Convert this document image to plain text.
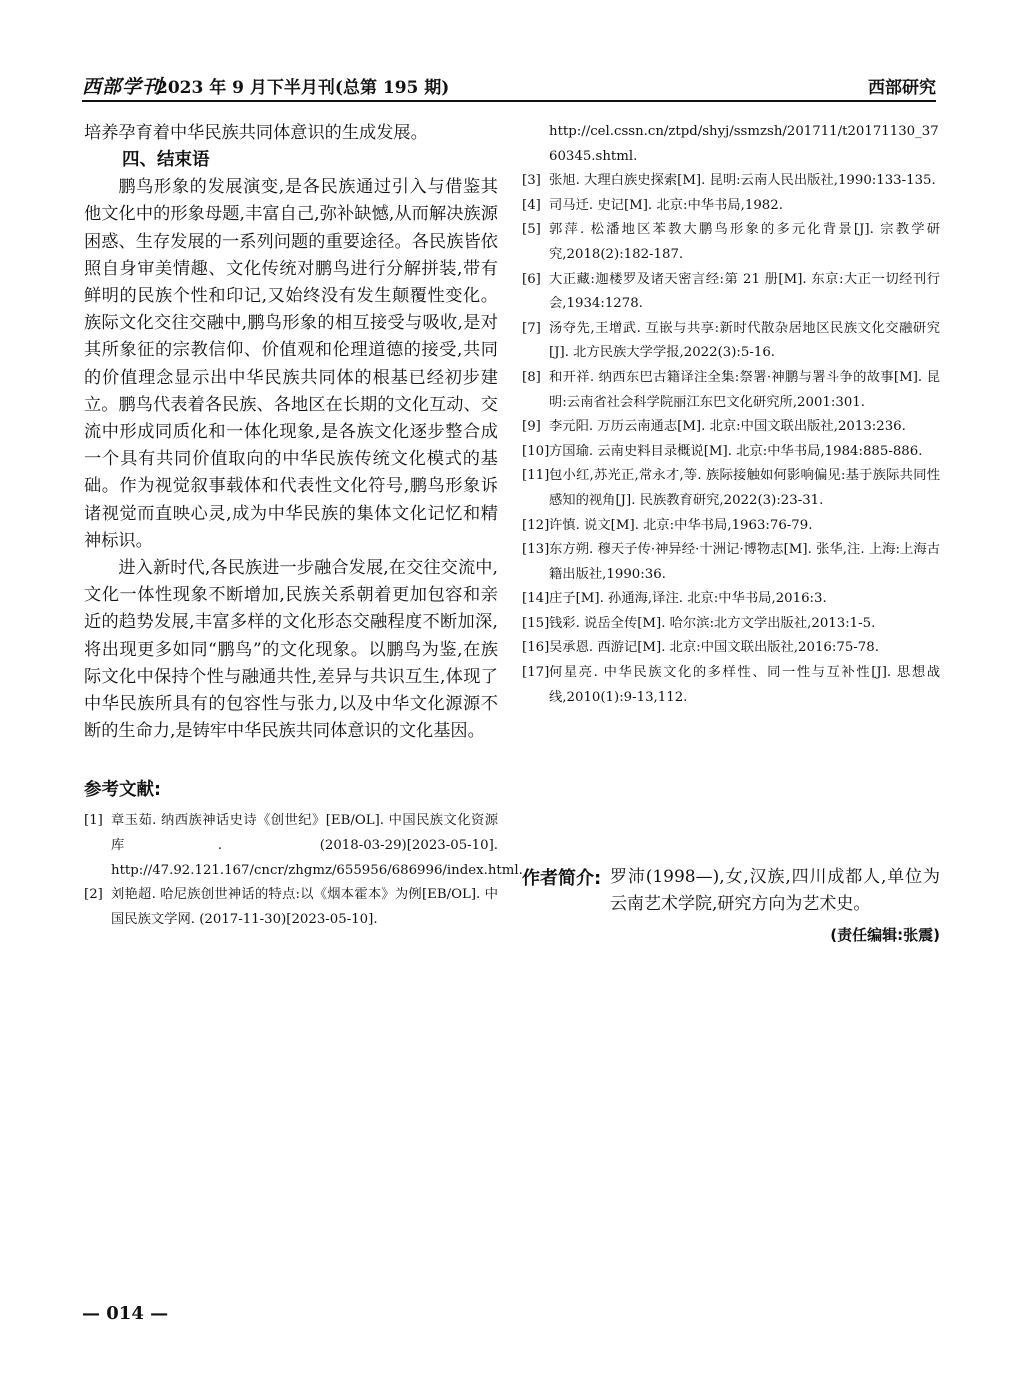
西部学刊
2023 年 9 月下半月刊(总第 195 期)	西部研究

培养孕育着中华民族共同体意识的生成发展。

四、结束语

鹏鸟形象的发展演变,是各民族通过引入与借鉴其他文化中的形象母题,丰富自己,弥补缺憾,从而解决族源困惑、生存发展的一系列问题的重要途径。各民族皆依照自身审美情趣、文化传统对鹏鸟进行分解拼装,带有鲜明的民族个性和印记,又始终没有发生颠覆性变化。族际文化交往交融中,鹏鸟形象的相互接受与吸收,是对其所象征的宗教信仰、价值观和伦理道德的接受,共同的价值理念显示出中华民族共同体的根基已经初步建立。鹏鸟代表着各民族、各地区在长期的文化互动、交流中形成同质化和一体化现象,是各族文化逐步整合成一个具有共同价值取向的中华民族传统文化模式的基础。作为视觉叙事载体和代表性文化符号,鹏鸟形象诉诸视觉而直映心灵,成为中华民族的集体文化记忆和精神标识。

进入新时代,各民族进一步融合发展,在交往交流中,文化一体性现象不断增加,民族关系朝着更加包容和亲近的趋势发展,丰富多样的文化形态交融程度不断加深,将出现更多如同“鹏鸟”的文化现象。以鹏鸟为鉴,在族际文化中保持个性与融通共性,差异与共识互生,体现了中华民族所具有的包容性与张力,以及中华文化源源不断的生命力,是铸牢中华民族共同体意识的文化基因。

参考文献:
[1] 章玉茹. 纳西族神话史诗《创世纪》[EB/OL]. 中国民族文化资源库. (2018-03-29)[2023-05-10]. http://47.92.121.167/cncr/zhgmz/655956/686996/index.html.
[2] 刘艳超. 哈尼族创世神话的特点:以《烟本霍本》为例[EB/OL]. 中国民族文学网. (2017-11-30)[2023-05-10].

http://cel.cssn.cn/ztpd/shyj/ssmzsh/201711/t20171130_3760345.shtml.

[3] 张旭. 大理白族史探索[M]. 昆明:云南人民出版社,1990:133-135.
[4] 司马迁. 史记[M]. 北京:中华书局,1982.
[5] 郭萍. 松潘地区苯教大鹏鸟形象的多元化背景[J]. 宗教学研究,2018(2):182-187.
[6] 大正藏:迦楼罗及诸天密言经:第 21 册[M]. 东京:大正一切经刊行会,1934:1278.
[7] 汤夺先,王增武. 互嵌与共享:新时代散杂居地区民族文化交融研究[J]. 北方民族大学学报,2022(3):5-16.
[8] 和开祥. 纳西东巴古籍译注全集:祭署·神鹏与署斗争的故事[M]. 昆明:云南省社会科学院丽江东巴文化研究所,2001:301.
[9] 李元阳. 万历云南通志[M]. 北京:中国文联出版社,2013:236.
[10] 方国瑜. 云南史料目录概说[M]. 北京:中华书局,1984:885-886.
[11] 包小红,苏光正,常永才,等. 族际接触如何影响偏见:基于族际共同性感知的视角[J]. 民族教育研究,2022(3):23-31.
[12] 许慎. 说文[M]. 北京:中华书局,1963:76-79.
[13] 东方朔. 穆天子传·神异经·十洲记·博物志[M]. 张华,注. 上海:上海古籍出版社,1990:36.
[14] 庄子[M]. 孙通海,译注. 北京:中华书局,2016:3.
[15] 钱彩. 说岳全传[M]. 哈尔滨:北方文学出版社,2013:1-5.
[16] 吴承恩. 西游记[M]. 北京:中国文联出版社,2016:75-78.
[17] 何星亮. 中华民族文化的多样性、同一性与互补性[J]. 思想战线,2010(1):9-13,112.
作者简介: 罗沛(1998—),女,汉族,四川成都人,单位为云南艺术学院,研究方向为艺术史。
(责任编辑:张震)
— 014 —
